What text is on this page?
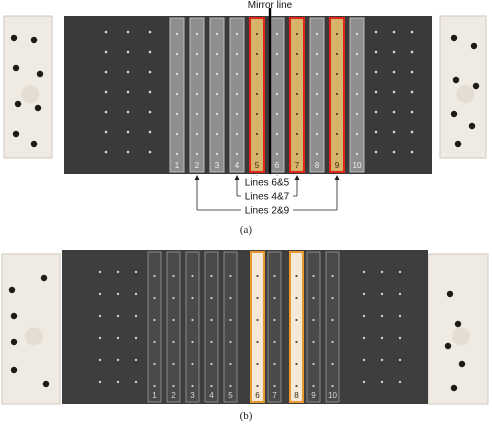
1 2 3 4 5 6 7 8 9 10
Mirror line
Lines 6&5
Lines 4&7
Lines 2&9
(a)
1 2 3 4 5	6 7 8 9 10
(b)
